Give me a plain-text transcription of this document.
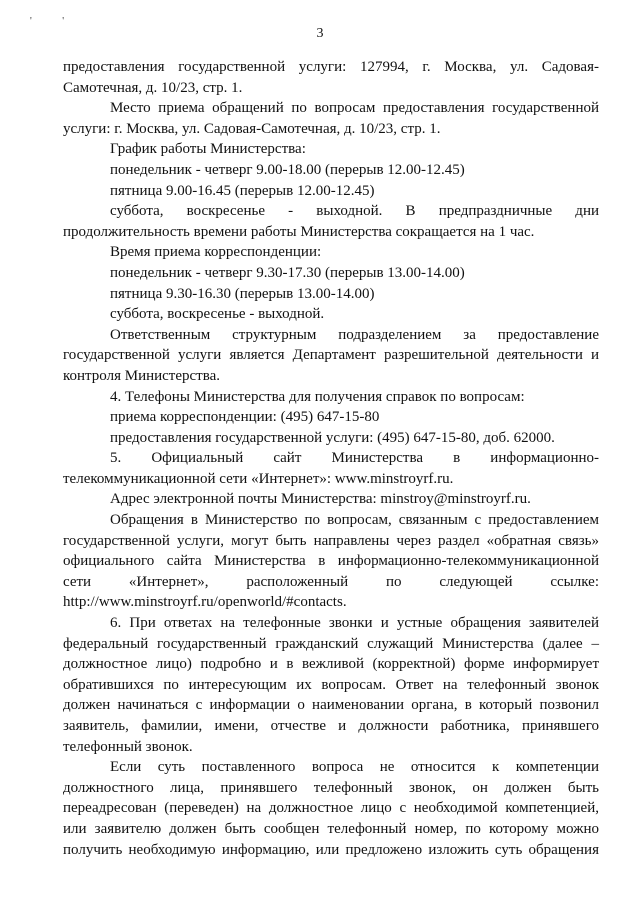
' '
3

предоставления государственной услуги: 127994, г. Москва, ул. Садовая-

Самотечная, д. 10/23, стр. 1.

Место приема обращений по вопросам предоставления государственной

услуги: г. Москва, ул. Садовая-Самотечная, д. 10/23, стр. 1.

График работы Министерства:

понедельник - четверг 9.00-18.00 (перерыв 12.00-12.45)

пятница 9.00-16.45 (перерыв 12.00-12.45)

суббота, воскресенье - выходной. В предпраздничные дни

продолжительность времени работы Министерства сокращается на 1 час.

Время приема корреспонденции:

понедельник - четверг 9.30-17.30 (перерыв 13.00-14.00)

пятница 9.30-16.30 (перерыв 13.00-14.00)

суббота, воскресенье - выходной.

Ответственным структурным подразделением за предоставление

государственной услуги является Департамент разрешительной деятельности и

контроля Министерства.

4. Телефоны Министерства для получения справок по вопросам:

приема корреспонденции: (495) 647-15-80

предоставления государственной услуги: (495) 647-15-80, доб. 62000.

5. Официальный сайт Министерства в информационно-

телекоммуникационной сети «Интернет»: www.minstroyrf.ru.

Адрес электронной почты Министерства: minstroy@minstroyrf.ru.

Обращения в Министерство по вопросам, связанным с предоставлением

государственной услуги, могут быть направлены через раздел «обратная связь»

официального сайта Министерства в информационно-телекоммуникационной

сети «Интернет», расположенный по следующей ссылке:

http://www.minstroyrf.ru/openworld/#contacts.

6. При ответах на телефонные звонки и устные обращения заявителей

федеральный государственный гражданский служащий Министерства (далее –

должностное лицо) подробно и в вежливой (корректной) форме информирует

обратившихся по интересующим их вопросам. Ответ на телефонный звонок

должен начинаться с информации о наименовании органа, в который позвонил

заявитель, фамилии, имени, отчестве и должности работника, принявшего

телефонный звонок.

Если суть поставленного вопроса не относится к компетенции

должностного лица, принявшего телефонный звонок, он должен быть

переадресован (переведен) на должностное лицо с необходимой компетенцией,

или заявителю должен быть сообщен телефонный номер, по которому можно

получить необходимую информацию, или предложено изложить суть обращения
